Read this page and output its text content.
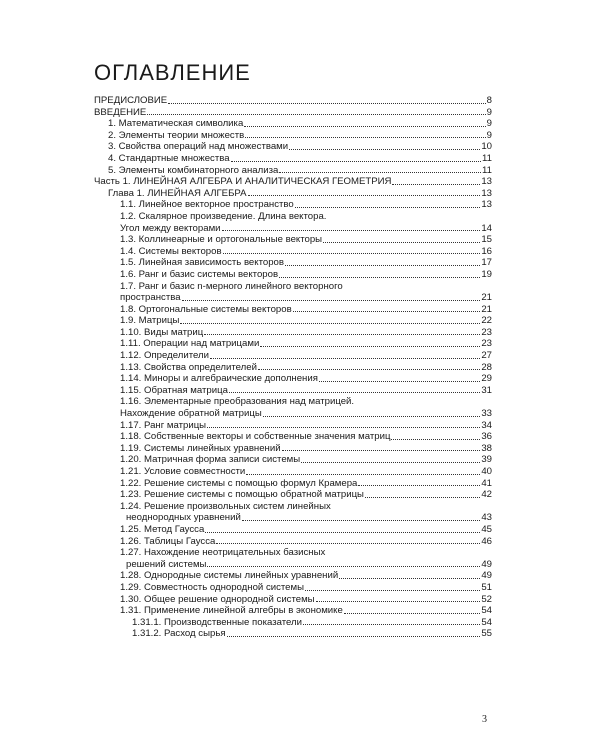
ОГЛАВЛЕНИЕ
ПРЕДИСЛОВИЕ	8
ВВЕДЕНИЕ	9
1. Математическая символика	9
2. Элементы теории множеств	9
3. Свойства операций над множествами	10
4. Стандартные множества	11
5. Элементы комбинаторного анализа	11
Часть 1. ЛИНЕЙНАЯ АЛГЕБРА И АНАЛИТИЧЕСКАЯ ГЕОМЕТРИЯ	13
Глава 1. ЛИНЕЙНАЯ АЛГЕБРА	13
1.1. Линейное векторное пространство	13
1.2. Скалярное произведение. Длина вектора.
Угол между векторами	14
1.3. Коллинеарные и ортогональные векторы	15
1.4. Системы векторов	16
1.5. Линейная зависимость векторов	17
1.6. Ранг и базис системы векторов	19
1.7. Ранг и базис n-мерного линейного векторного
пространства	21
1.8. Ортогональные системы векторов	21
1.9. Матрицы	22
1.10. Виды матриц	23
1.11. Операции над матрицами	23
1.12. Определители	27
1.13. Свойства определителей	28
1.14. Миноры и алгебраические дополнения	29
1.15. Обратная матрица	31
1.16. Элементарные преобразования над матрицей.
Нахождение обратной матрицы	33
1.17. Ранг матрицы	34
1.18. Собственные векторы и собственные значения матриц	36
1.19. Системы линейных уравнений	38
1.20. Матричная форма записи системы	39
1.21. Условие совместности	40
1.22. Решение системы с помощью формул Крамера	41
1.23. Решение системы с помощью обратной матрицы	42
1.24. Решение произвольных систем линейных
неоднородных уравнений	43
1.25. Метод Гаусса	45
1.26. Таблицы Гаусса	46
1.27. Нахождение неотрицательных базисных
решений системы	49
1.28. Однородные системы линейных уравнений	49
1.29. Совместность однородной системы	51
1.30. Общее решение однородной системы	52
1.31. Применение линейной алгебры в экономике	54
1.31.1. Производственные показатели	54
1.31.2. Расход сырья	55
3
